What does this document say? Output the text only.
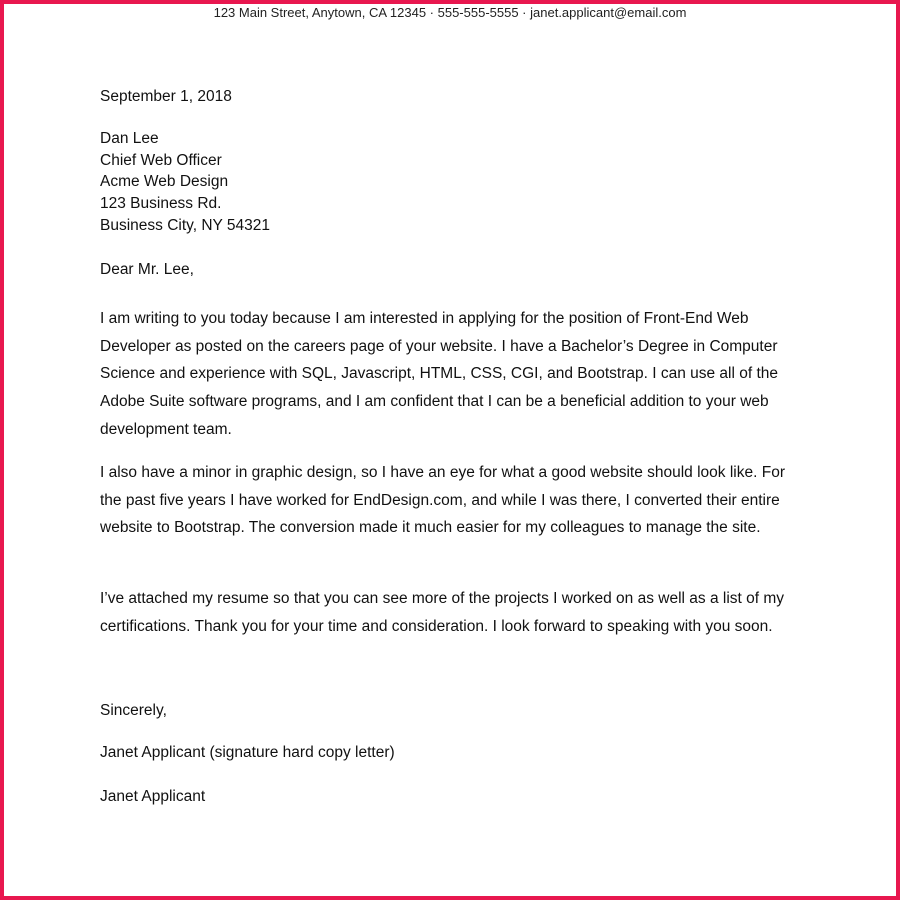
123 Main Street, Anytown, CA 12345 · 555-555-5555 · janet.applicant@email.com
September 1, 2018
Dan Lee
Chief Web Officer
Acme Web Design
123 Business Rd.
Business City, NY 54321
Dear Mr. Lee,
I am writing to you today because I am interested in applying for the position of Front-End Web Developer as posted on the careers page of your website. I have a Bachelor’s Degree in Computer Science and experience with SQL, Javascript, HTML, CSS, CGI, and Bootstrap. I can use all of the Adobe Suite software programs, and I am confident that I can be a beneficial addition to your web development team.
I also have a minor in graphic design, so I have an eye for what a good website should look like. For the past five years I have worked for EndDesign.com, and while I was there, I converted their entire website to Bootstrap. The conversion made it much easier for my colleagues to manage the site.
I’ve attached my resume so that you can see more of the projects I worked on as well as a list of my certifications. Thank you for your time and consideration. I look forward to speaking with you soon.
Sincerely,
Janet Applicant (signature hard copy letter)
Janet Applicant
